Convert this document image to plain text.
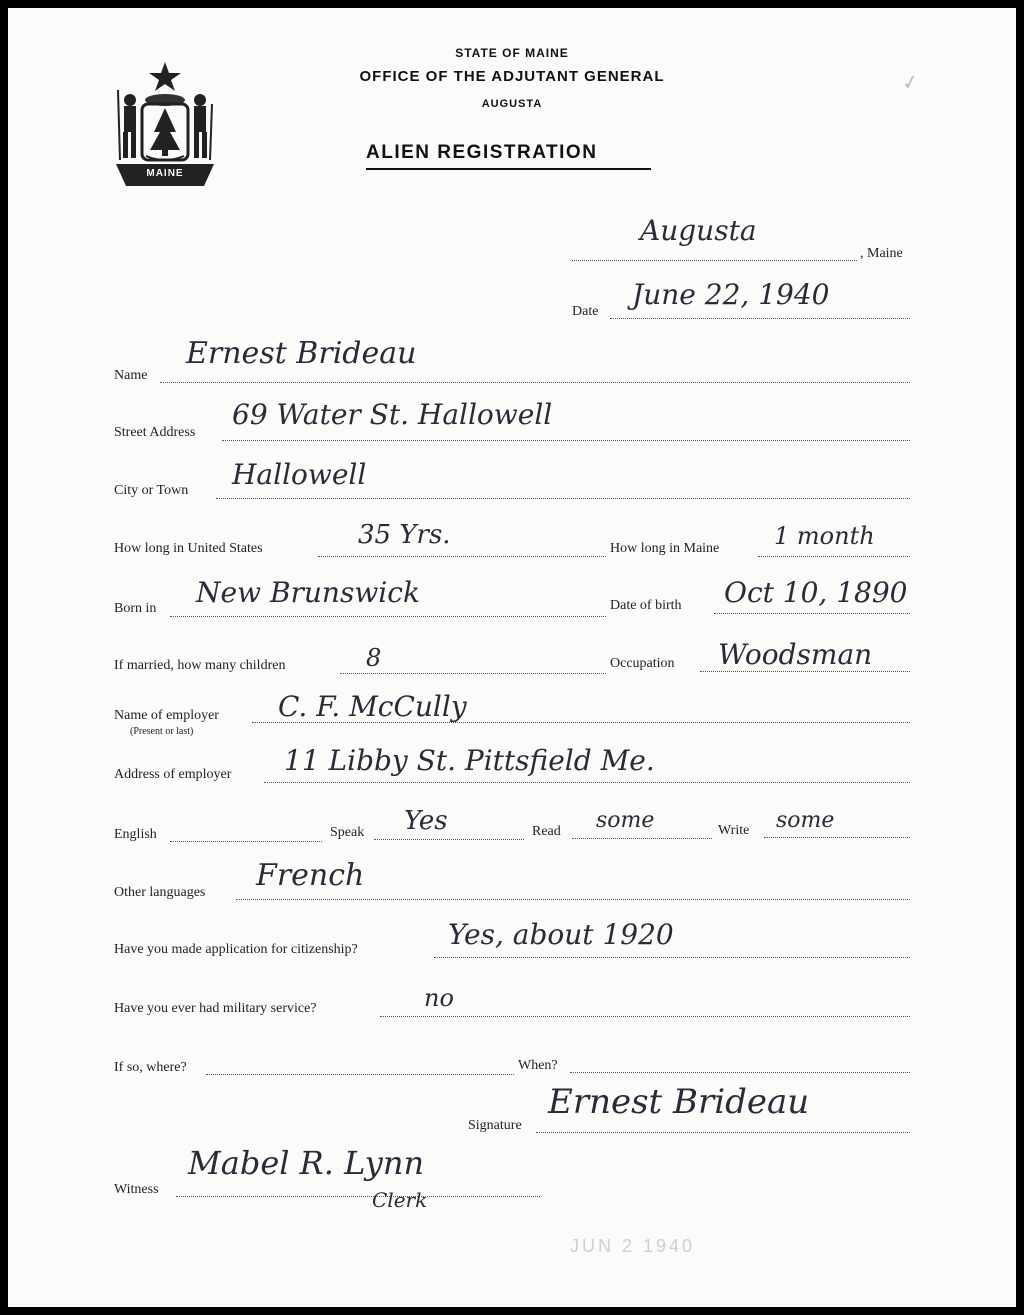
MAINE
STATE OF MAINE
OFFICE OF THE ADJUTANT GENERAL
AUGUSTA
ALIEN REGISTRATION
✓
Augusta
, Maine
Date
June 22, 1940
Name
Ernest Brideau
Street Address
69 Water St. Hallowell
City or Town Hallowell
How long in United States	35 Yrs.	How long in Maine 1 month
Born in New Brunswick	Date of birth Oct 10, 1890
If married, how many children	8	Occupation Woodsman
Name of employer
(Present or last)
C. F. McCully
Address of employer 11 Libby St. Pittsfield Me.
English	Speak Yes	Read some	Write some
Other languages French
Have you made application for citizenship?	Yes, about 1920
Have you ever had military service?	no
If so, where?	When?
Signature
Ernest Brideau
Witness
Mabel R. Lynn
Clerk
JUN 2 1940
